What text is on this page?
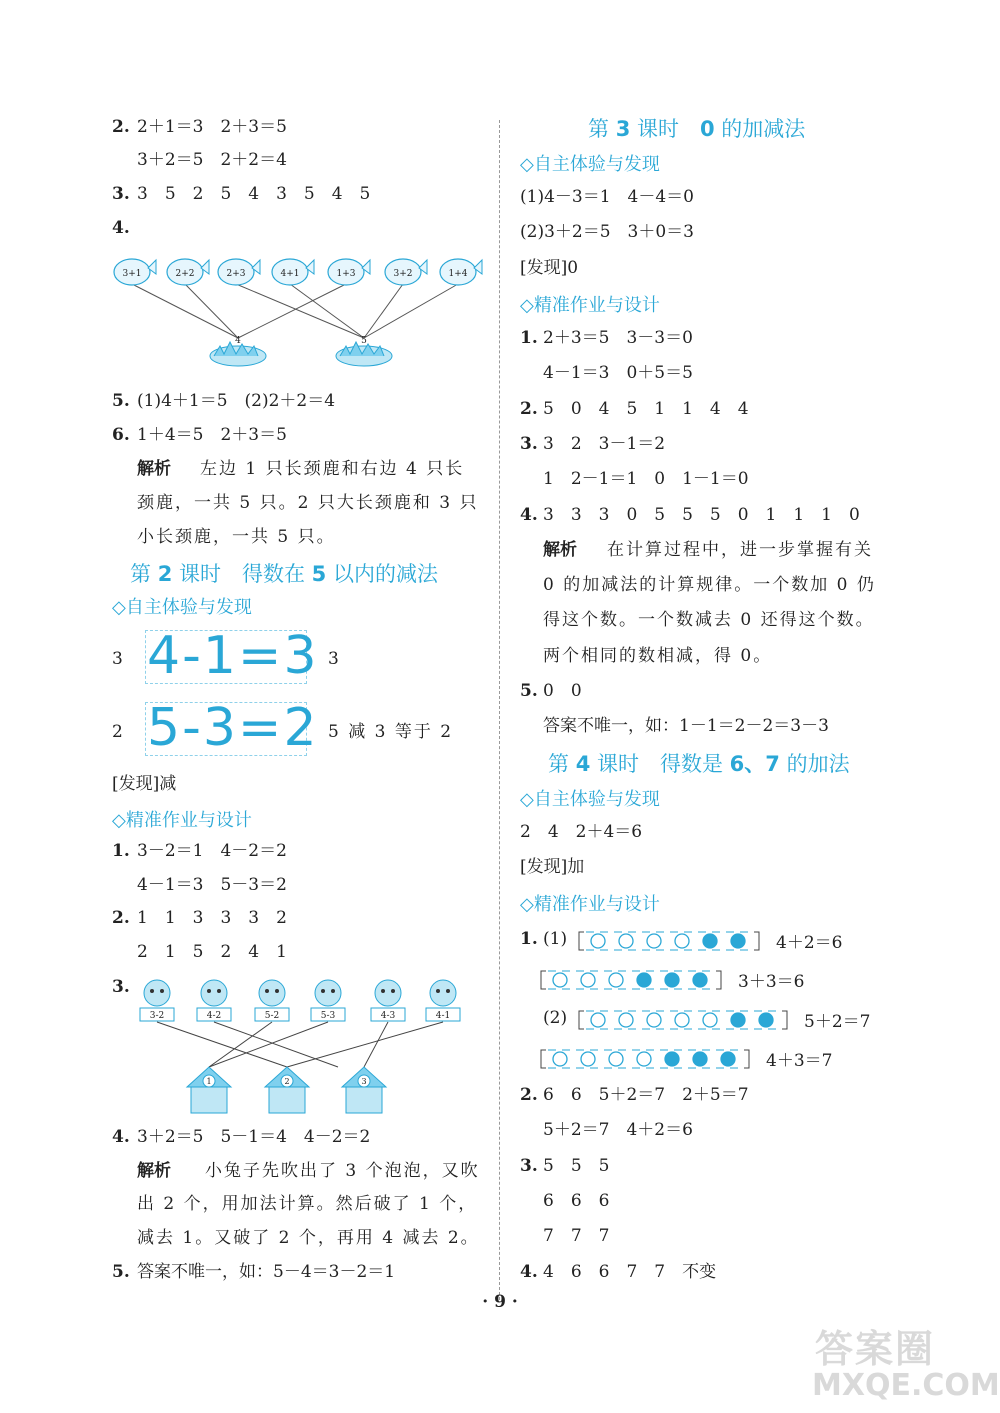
2. 2＋1＝3　2＋3＝5
3＋2＝5　2＋2＝4
3. 3　5　2　5　4　3　5　4　5
4.
3+1	2+2	2+3	4+1	1+3	3+2	1+4
4	5
5. (1)4＋1＝5　(2)2＋2＝4
6. 1＋4＝5　2＋3＝5
解析 左边 1 只长颈鹿和右边 4 只长
颈鹿，一共 5 只。2 只大长颈鹿和 3 只
小长颈鹿，一共 5 只。
第 2 课时　得数在 5 以内的减法
◇自主体验与发现
3 4-1=3 3
2 5-3=2 5 减 3 等于 2
[发现]减
◇精准作业与设计
1. 3－2＝1　4－2＝2
4－1＝3　5－3＝2
2. 1　1　3　3　3　2
2　1　5　2　4　1
3.
3-2	4-2	5-2	5-3	4-3	4-1
1	2	3
4. 3＋2＝5　5－1＝4　4－2＝2
解析 小兔子先吹出了 3 个泡泡，又吹
出 2 个，用加法计算。然后破了 1 个，
减去 1。又破了 2 个，再用 4 减去 2。
5. 答案不唯一，如：5－4＝3－2＝1
第 3 课时　0 的加减法
◇自主体验与发现
(1)4－3＝1　4－4＝0
(2)3＋2＝5　3＋0＝3
[发现]0
◇精准作业与设计
1. 2＋3＝5　3－3＝0
4－1＝3　0＋5＝5
2. 5　0　4　5　1　1　4　4
3. 3　2　3－1＝2
1　2－1＝1　0　1－1＝0
4. 3　3　3　0　5　5　5　0　1　1　1　0
解析 在计算过程中，进一步掌握有关
0 的加减法的计算规律。一个数加 0 仍
得这个数。一个数减去 0 还得这个数。
两个相同的数相减，得 0。
5. 0　0
答案不唯一，如：1－1＝2－2＝3－3
第 4 课时　得数是 6、7 的加法
◇自主体验与发现
2　4　2＋4＝6
[发现]加
◇精准作业与设计
1. (1)
(2)
4＋2＝6
3＋3＝6
5＋2＝7
4＋3＝7
2. 6　6　5＋2＝7　2＋5＝7
5＋2＝7　4＋2＝6
3. 5　5　5
6　6　6
7　7　7
4. 4　6　6　7　7　不变
· 9 ·
答案圈
MXQE.COM
